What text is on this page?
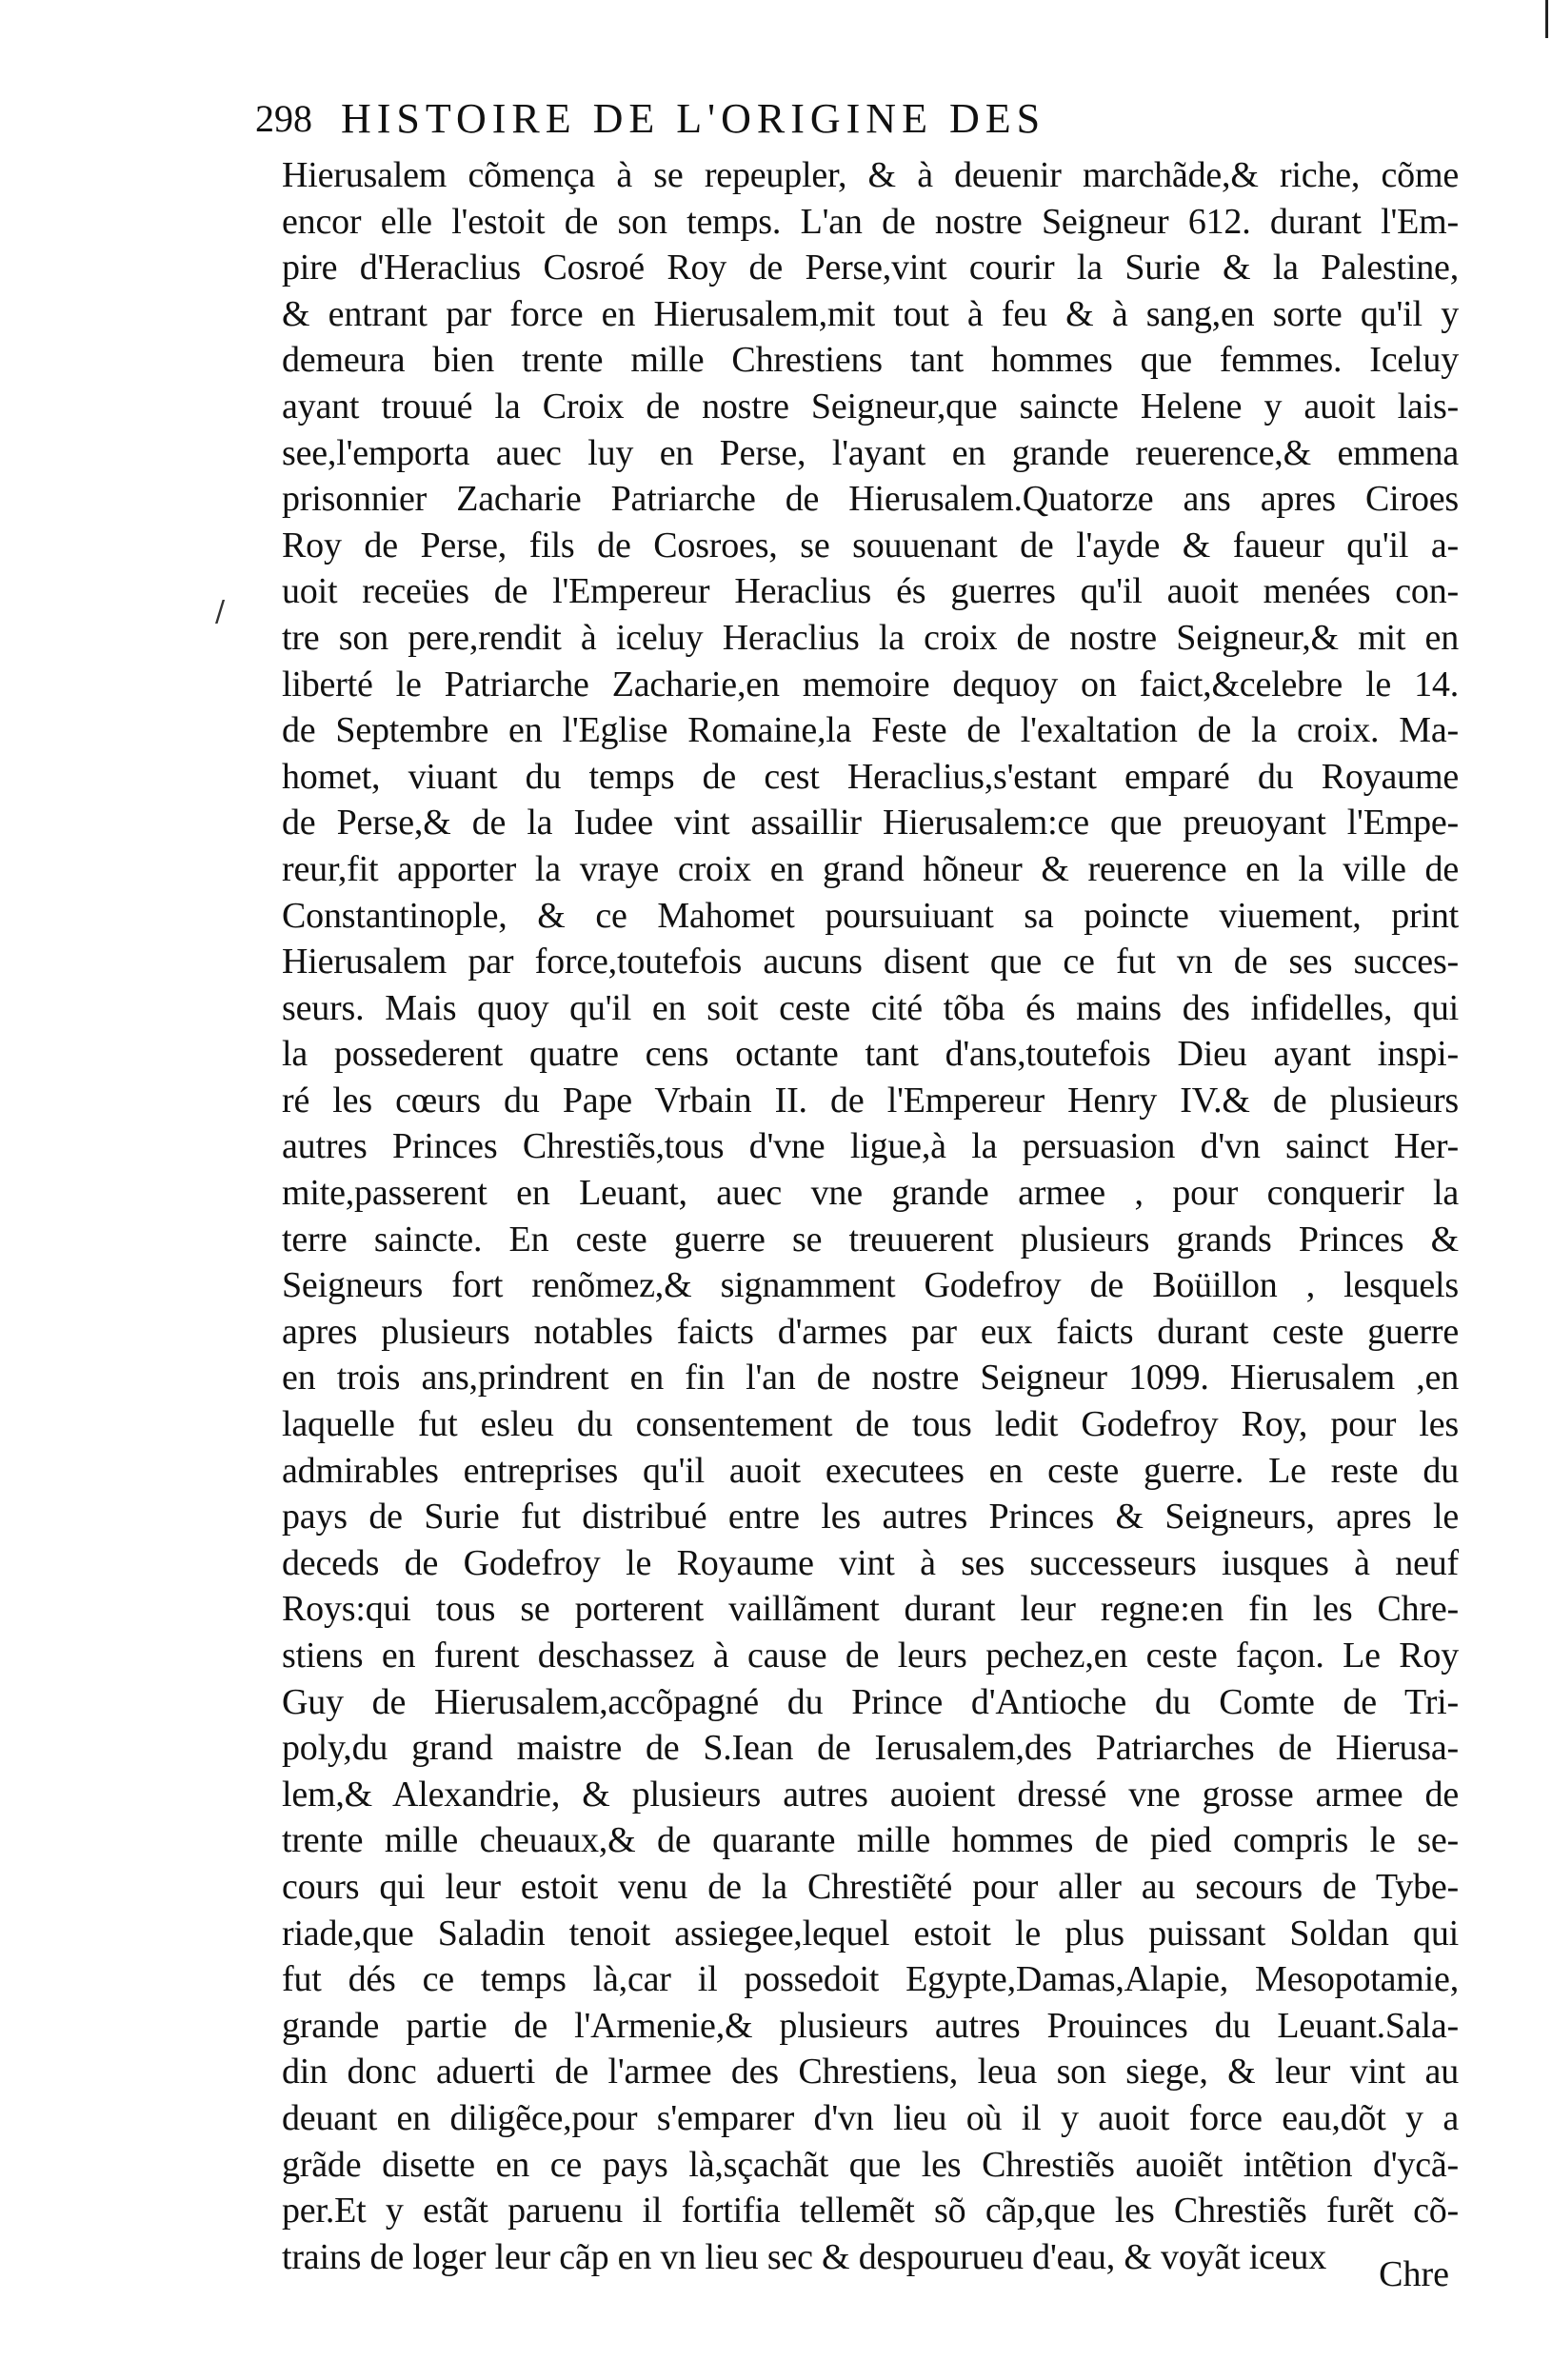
/
298 HISTOIRE DE L'ORIGINE DES
Hierusalem cõmença à se repeupler, & à deuenir marchãde,& riche, cõme
encor elle l'estoit de son temps. L'an de nostre Seigneur 612. durant l'Em-
pire d'Heraclius Cosroé Roy de Perse,vint courir la Surie & la Palestine,
& entrant par force en Hierusalem,mit tout à feu & à sang,en sorte qu'il y
demeura bien trente mille Chrestiens tant hommes que femmes. Iceluy
ayant trouué la Croix de nostre Seigneur,que saincte Helene y auoit lais-
see,l'emporta auec luy en Perse, l'ayant en grande reuerence,& emmena
prisonnier Zacharie Patriarche de Hierusalem.Quatorze ans apres Ciroes
Roy de Perse, fils de Cosroes, se souuenant de l'ayde & faueur qu'il a-
uoit receües de l'Empereur Heraclius és guerres qu'il auoit menées con-
tre son pere,rendit à iceluy Heraclius la croix de nostre Seigneur,& mit en
liberté le Patriarche Zacharie,en memoire dequoy on faict,&celebre le 14.
de Septembre en l'Eglise Romaine,la Feste de l'exaltation de la croix. Ma-
homet, viuant du temps de cest Heraclius,s'estant emparé du Royaume
de Perse,& de la Iudee vint assaillir Hierusalem:ce que preuoyant l'Empe-
reur,fit apporter la vraye croix en grand hõneur & reuerence en la ville de
Constantinople, & ce Mahomet poursuiuant sa poincte viuement, print
Hierusalem par force,toutefois aucuns disent que ce fut vn de ses succes-
seurs. Mais quoy qu'il en soit ceste cité tõba és mains des infidelles, qui
la possederent quatre cens octante tant d'ans,toutefois Dieu ayant inspi-
ré les cœurs du Pape Vrbain II. de l'Empereur Henry IV.& de plusieurs
autres Princes Chrestiẽs,tous d'vne ligue,à la persuasion d'vn sainct Her-
mite,passerent en Leuant, auec vne grande armee , pour conquerir la
terre saincte. En ceste guerre se treuuerent plusieurs grands Princes &
Seigneurs fort renõmez,& signamment Godefroy de Boüillon , lesquels
apres plusieurs notables faicts d'armes par eux faicts durant ceste guerre
en trois ans,prindrent en fin l'an de nostre Seigneur 1099. Hierusalem ,en
laquelle fut esleu du consentement de tous ledit Godefroy Roy, pour les
admirables entreprises qu'il auoit executees en ceste guerre. Le reste du
pays de Surie fut distribué entre les autres Princes & Seigneurs, apres le
deceds de Godefroy le Royaume vint à ses successeurs iusques à neuf
Roys:qui tous se porterent vaillãment durant leur regne:en fin les Chre-
stiens en furent deschassez à cause de leurs pechez,en ceste façon. Le Roy
Guy de Hierusalem,accõpagné du Prince d'Antioche du Comte de Tri-
poly,du grand maistre de S.Iean de Ierusalem,des Patriarches de Hierusa-
lem,& Alexandrie, & plusieurs autres auoient dressé vne grosse armee de
trente mille cheuaux,& de quarante mille hommes de pied compris le se-
cours qui leur estoit venu de la Chrestiẽté pour aller au secours de Tybe-
riade,que Saladin tenoit assiegee,lequel estoit le plus puissant Soldan qui
fut dés ce temps là,car il possedoit Egypte,Damas,Alapie, Mesopotamie,
grande partie de l'Armenie,& plusieurs autres Prouinces du Leuant.Sala-
din donc aduerti de l'armee des Chrestiens, leua son siege, & leur vint au
deuant en diligẽce,pour s'emparer d'vn lieu où il y auoit force eau,dõt y a
grãde disette en ce pays là,sçachãt que les Chrestiẽs auoiẽt intẽtion d'ycã-
per.Et y estãt paruenu il fortifia tellemẽt sõ cãp,que les Chrestiẽs furẽt cõ-
trains de loger leur cãp en vn lieu sec & despourueu d'eau, & voyãt iceux	Chre
